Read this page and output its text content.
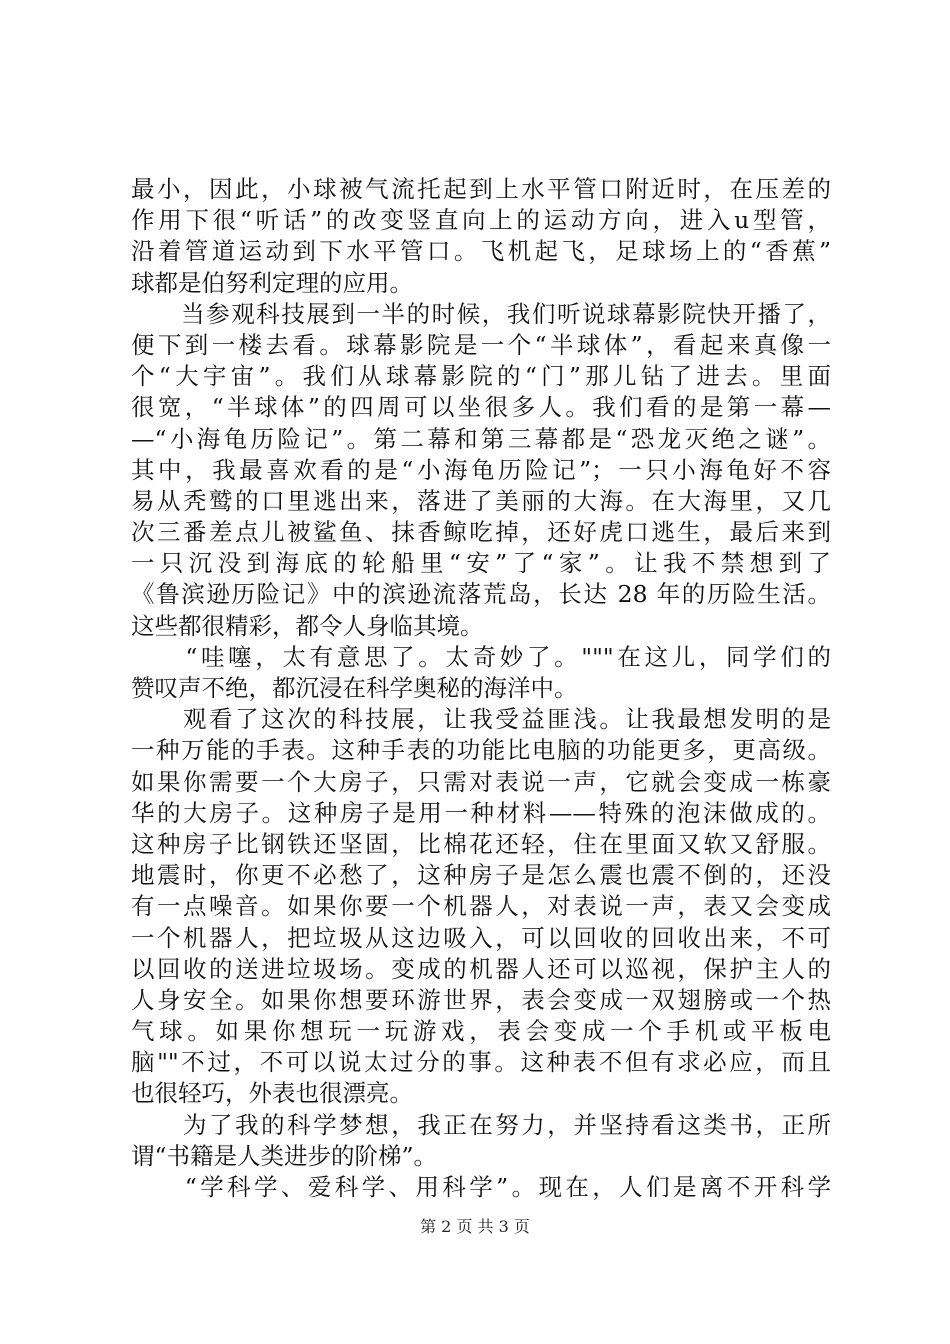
最小，因此，小球被气流托起到上水平管口附近时，在压差的
作用下很“听话”的改变竖直向上的运动方向，进入u型管，
沿着管道运动到下水平管口。飞机起飞，足球场上的“香蕉”
球都是伯努利定理的应用。
　　当参观科技展到一半的时候，我们听说球幕影院快开播了，
便下到一楼去看。球幕影院是一个“半球体”，看起来真像一
个“大宇宙”。我们从球幕影院的“门”那儿钻了进去。里面
很宽，“半球体”的四周可以坐很多人。我们看的是第一幕—
—“小海龟历险记”。第二幕和第三幕都是“恐龙灭绝之谜”。
其中，我最喜欢看的是“小海龟历险记”；一只小海龟好不容
易从秃鹫的口里逃出来，落进了美丽的大海。在大海里，又几
次三番差点儿被鲨鱼、抹香鲸吃掉，还好虎口逃生，最后来到
一只沉没到海底的轮船里“安”了“家”。让我不禁想到了
《鲁滨逊历险记》中的滨逊流落荒岛，长达 28 年的历险生活。
这些都很精彩，都令人身临其境。
　　“哇噻，太有意思了。太奇妙了。"""在这儿，同学们的
赞叹声不绝，都沉浸在科学奥秘的海洋中。
　　观看了这次的科技展，让我受益匪浅。让我最想发明的是
一种万能的手表。这种手表的功能比电脑的功能更多，更高级。
如果你需要一个大房子，只需对表说一声，它就会变成一栋豪
华的大房子。这种房子是用一种材料——特殊的泡沫做成的。
这种房子比钢铁还坚固，比棉花还轻，住在里面又软又舒服。
地震时，你更不必愁了，这种房子是怎么震也震不倒的，还没
有一点噪音。如果你要一个机器人，对表说一声，表又会变成
一个机器人，把垃圾从这边吸入，可以回收的回收出来，不可
以回收的送进垃圾场。变成的机器人还可以巡视，保护主人的
人身安全。如果你想要环游世界，表会变成一双翅膀或一个热
气球。如果你想玩一玩游戏，表会变成一个手机或平板电
脑""不过，不可以说太过分的事。这种表不但有求必应，而且
也很轻巧，外表也很漂亮。
　　为了我的科学梦想，我正在努力，并坚持看这类书，正所
谓“书籍是人类进步的阶梯”。
　　“学科学、爱科学、用科学”。现在，人们是离不开科学
第 2 页 共 3 页
